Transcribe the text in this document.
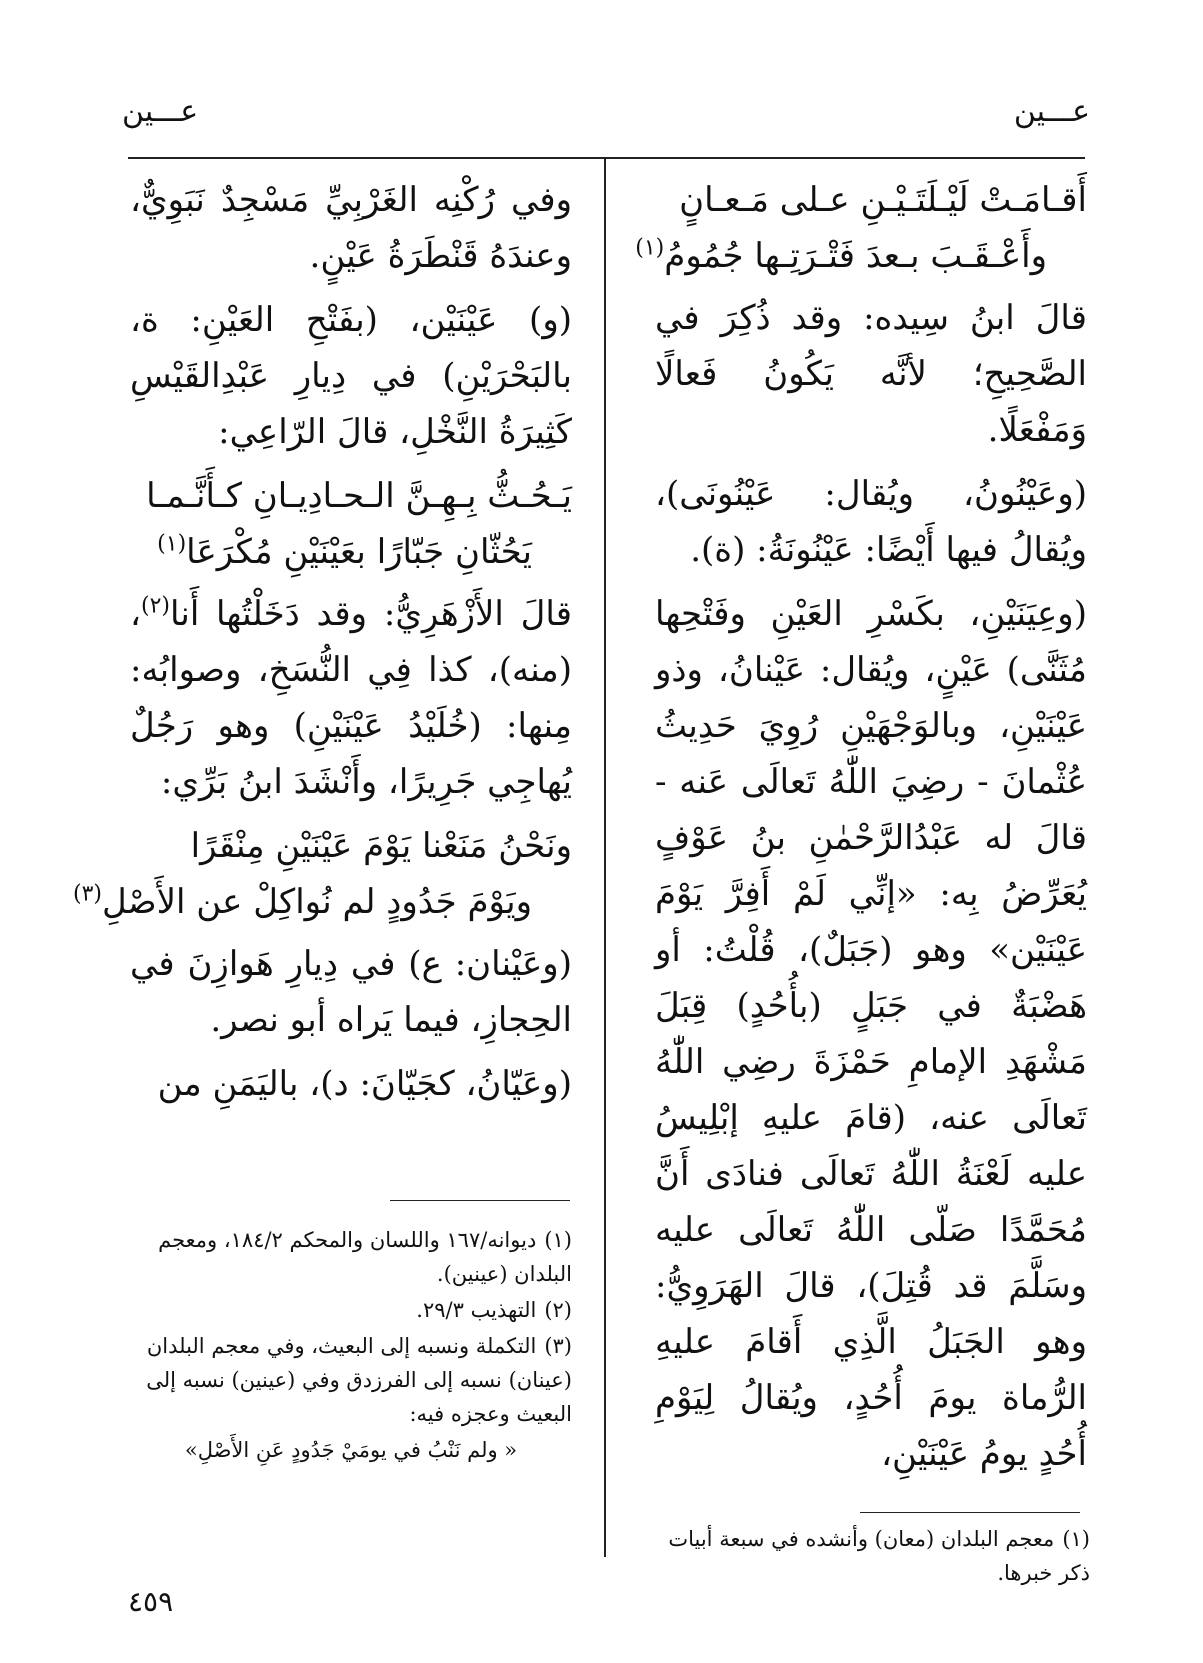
عـــين
عـــين
أَقـامَـتْ لَيْـلَتَـيْـنِ عـلى مَـعـانٍ
وأَعْـقَـبَ بـعدَ فَتْـرَتِـها جُمُومُ$^{(١)}$

قالَ ابنُ سِيده: وقد ذُكِرَ في الصَّحِيحِ؛ لأنَّه يَكُونُ فَعالًا وَمَفْعَلًا.

(وعَيْنُونُ، ويُقال: عَيْنُونَى)، ويُقالُ فيها أَيْضًا: عَيْنُونَةُ: (ة).

(وعِيَنَيْنِ، بكَسْرِ العَيْنِ وفَتْحِها مُثَنَّى) عَيْنٍ، ويُقال: عَيْنانُ، وذو عَيْنَيْنِ، وبالوَجْهَيْنِ رُوِيَ حَدِيثُ عُثْمانَ - رضِيَ اللّٰهُ تَعالَى عَنه - قالَ له عَبْدُالرَّحْمٰنِ بنُ عَوْفٍ يُعَرِّضُ بِه: «إنِّي لَمْ أَفِرَّ يَوْمَ عَيْنَيْن» وهو (جَبَلٌ)، قُلْتُ: أو هَضْبَةٌ في جَبَلٍ (بأُحُدٍ) قِبَلَ مَشْهَدِ الإمامِ حَمْزَةَ رضِي اللّٰهُ تَعالَى عنه، (قامَ عليهِ إبْلِيسُ عليه لَعْنَةُ اللّٰهُ تَعالَى فنادَى أَنَّ مُحَمَّدًا صَلّى اللّٰهُ تَعالَى عليه وسَلَّمَ قد قُتِلَ)، قالَ الهَرَوِيُّ: وهو الجَبَلُ الَّذِي أَقامَ عليهِ الرُّماة يومَ أُحُدٍ، ويُقالُ لِيَوْمِ أُحُدٍ يومُ عَيْنَيْنِ،

وفي رُكْنِه الغَرْبِيِّ مَسْجِدٌ نَبَوِيٌّ، وعندَهُ قَنْطَرَةُ عَيْنٍ.

(و) عَيْنَيْن، (بفَتْحِ العَيْنِ: ة، بالبَحْرَيْنِ) في دِيارِ عَبْدِالقَيْسِ كَثِيرَةُ النَّخْلِ، قالَ الرّاعِي:

يَـحُـثُّ بِـهِـنَّ الـحـادِيـانِ كـأَنَّـمـا
يَحُثّانِ جَبّارًا بعَيْنَيْنِ مُكْرَعَا$^{(١)}$

قالَ الأَزْهَرِيُّ: وقد دَخَلْتُها أَنا$^{(٢)}$، (منه)، كذا فِي النُّسَخِ، وصوابُه: مِنها: (خُلَيْدُ عَيْنَيْنِ) وهو رَجُلٌ يُهاجِي جَرِيرًا، وأَنْشَدَ ابنُ بَرِّي:

ونَحْنُ مَنَعْنا يَوْمَ عَيْنَيْنِ مِنْقَرًا
ويَوْمَ جَدُودٍ لم نُواكِلْ عن الأَصْلِ$^{(٣)}$

(وعَيْنان: ع) في دِيارِ هَوازِنَ في الحِجازِ، فيما يَراه أبو نصر.

(وعَيّانُ، كجَيّانَ: د)، باليَمَنِ من

(١)معجم البلدان (معان) وأنشده في سبعة أبيات ذكر خبرها.
(١)ديوانه/١٦٧ واللسان والمحكم ١٨٤/٢، ومعجم البلدان (عينين).
(٢)التهذيب ٢٩/٣.
(٣)التكملة ونسبه إلى البعيث، وفي معجم البلدان (عينان) نسبه إلى الفرزدق وفي (عينين) نسبه إلى البعيث وعجزه فيه:
« ولم نَنْبُ في يومَيْ جَدُودٍ عَنِ الأَصْلِ»
٤٥٩
